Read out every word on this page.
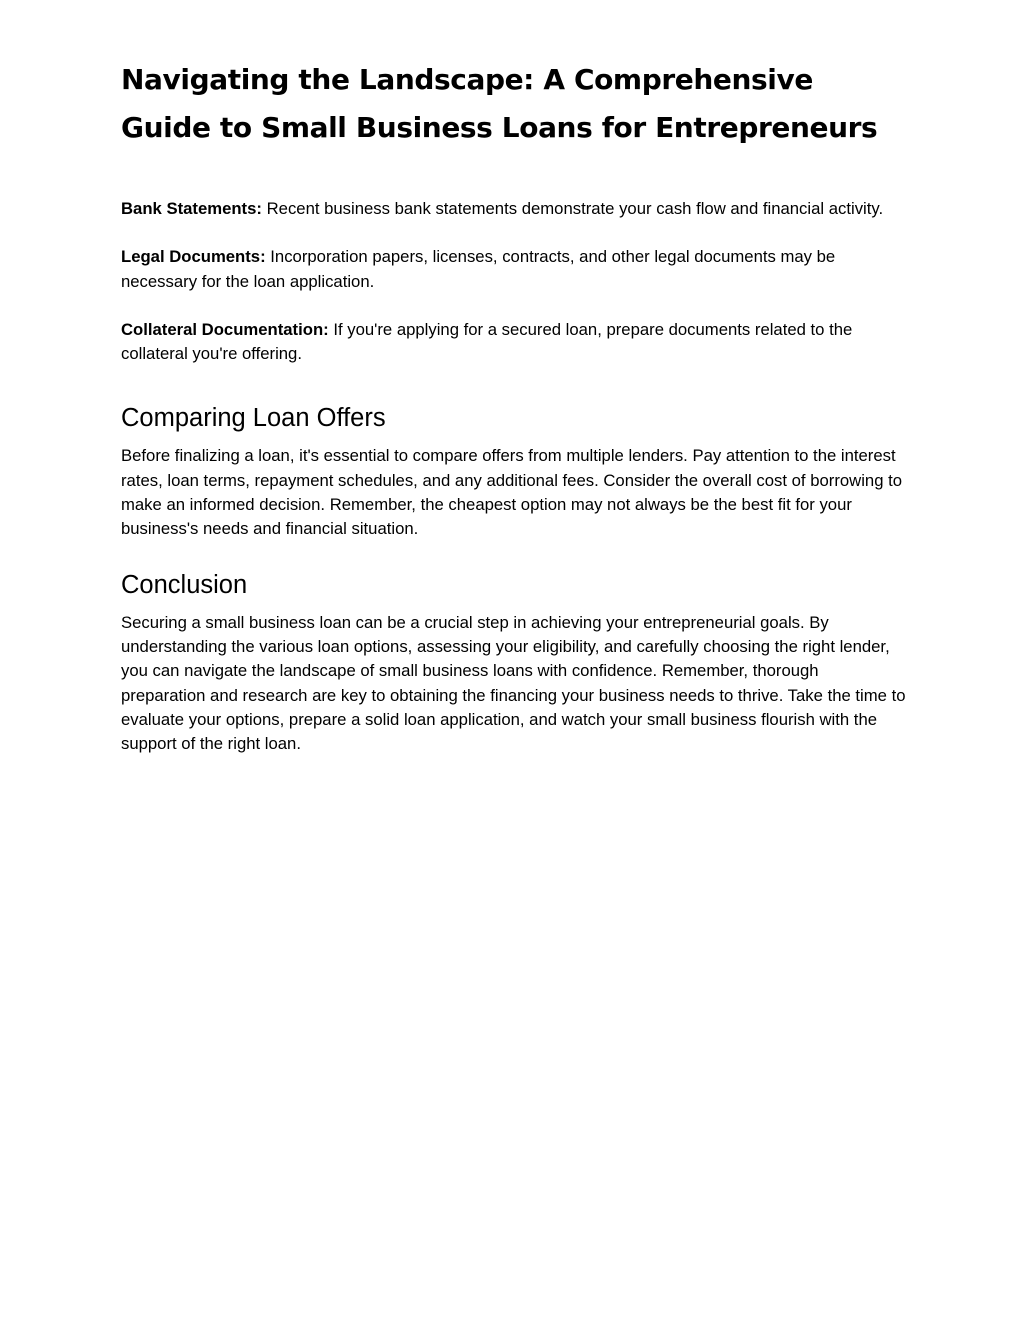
Navigating the Landscape: A Comprehensive Guide to Small Business Loans for Entrepreneurs

Bank Statements: Recent business bank statements demonstrate your cash flow and financial activity.

Legal Documents: Incorporation papers, licenses, contracts, and other legal documents may be necessary for the loan application.

Collateral Documentation: If you're applying for a secured loan, prepare documents related to the collateral you're offering.

Comparing Loan Offers

Before finalizing a loan, it's essential to compare offers from multiple lenders. Pay attention to the interest rates, loan terms, repayment schedules, and any additional fees. Consider the overall cost of borrowing to make an informed decision. Remember, the cheapest option may not always be the best fit for your business's needs and financial situation.

Conclusion

Securing a small business loan can be a crucial step in achieving your entrepreneurial goals. By understanding the various loan options, assessing your eligibility, and carefully choosing the right lender, you can navigate the landscape of small business loans with confidence. Remember, thorough preparation and research are key to obtaining the financing your business needs to thrive. Take the time to evaluate your options, prepare a solid loan application, and watch your small business flourish with the support of the right loan.
